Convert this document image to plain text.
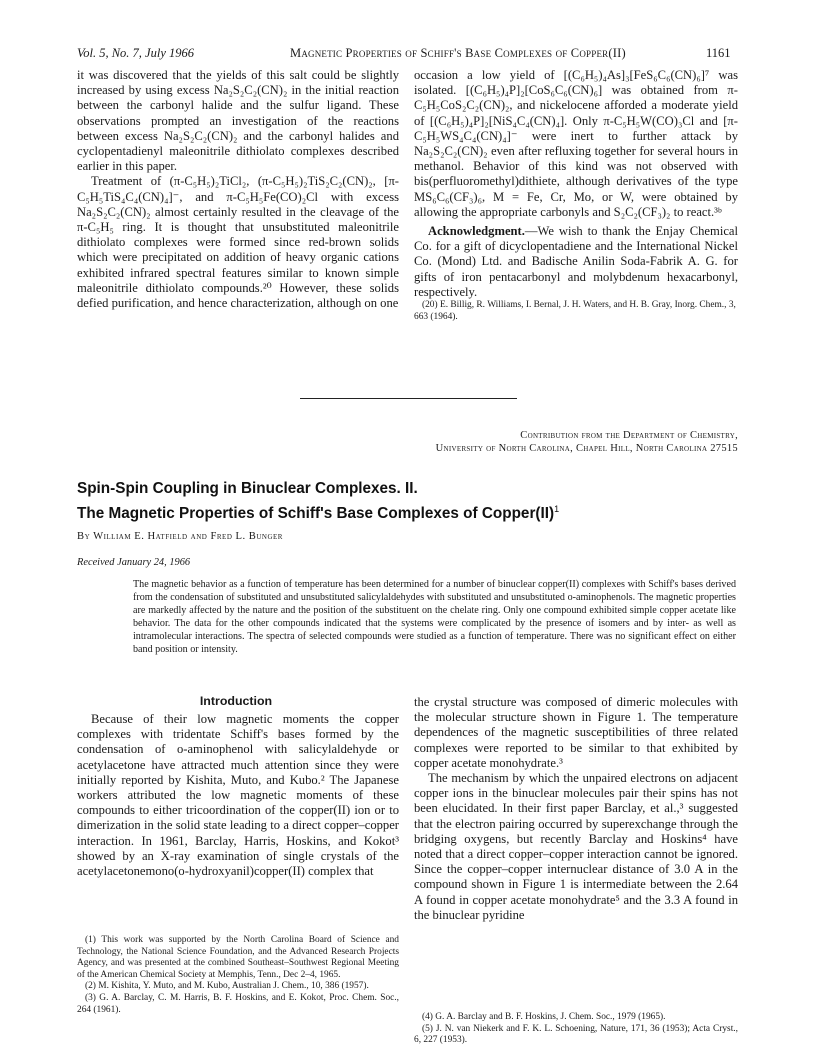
Vol. 5, No. 7, July 1966	Magnetic Properties of Schiff's Base Complexes of Copper(II)	1161

it was discovered that the yields of this salt could be slightly increased by using excess Na₂S₂C₂(CN)₂ in the initial reaction between the carbonyl halide and the sulfur ligand. These observations prompted an investigation of the reactions between excess Na₂S₂C₂(CN)₂ and the carbonyl halides and cyclopentadienyl maleonitrile dithiolato complexes described earlier in this paper.

Treatment of (π-C₅H₅)₂TiCl₂, (π-C₅H₅)₂TiS₂C₂(CN)₂, [π-C₅H₅TiS₄C₄(CN)₄]⁻, and π-C₅H₅Fe(CO)₂Cl with excess Na₂S₂C₂(CN)₂ almost certainly resulted in the cleavage of the π-C₅H₅ ring. It is thought that unsubstituted maleonitrile dithiolato complexes were formed since red-brown solids which were precipitated on addition of heavy organic cations exhibited infrared spectral features similar to known simple maleonitrile dithiolato compounds.²⁰ However, these solids defied purification, and hence characterization, although on one

occasion a low yield of [(C₆H₅)₄As]₃[FeS₆C₆(CN)₆]⁷ was isolated. [(C₆H₅)₄P]₂[CoS₆C₆(CN)₆] was obtained from π-C₅H₅CoS₂C₂(CN)₂, and nickelocene afforded a moderate yield of [(C₆H₅)₄P]₂[NiS₄C₄(CN)₄]. Only π-C₅H₅W(CO)₃Cl and [π-C₅H₅WS₄C₄(CN)₄]⁻ were inert to further attack by Na₂S₂C₂(CN)₂ even after refluxing together for several hours in methanol. Behavior of this kind was not observed with bis(perfluoromethyl)dithiete, although derivatives of the type MS₆C₆(CF₃)₆, M = Fe, Cr, Mo, or W, were obtained by allowing the appropriate carbonyls and S₂C₂(CF₃)₂ to react.³ᵇ

Acknowledgment.—We wish to thank the Enjay Chemical Co. for a gift of dicyclopentadiene and the International Nickel Co. (Mond) Ltd. and Badische Anilin Soda-Fabrik A. G. for gifts of iron pentacarbonyl and molybdenum hexacarbonyl, respectively.

(20) E. Billig, R. Williams, I. Bernal, J. H. Waters, and H. B. Gray, Inorg. Chem., 3, 663 (1964).
Contribution from the Department of Chemistry,
University of North Carolina, Chapel Hill, North Carolina 27515
Spin-Spin Coupling in Binuclear Complexes. II.
The Magnetic Properties of Schiff's Base Complexes of Copper(II)$^1$
By William E. Hatfield and Fred L. Bunger
Received January 24, 1966
The magnetic behavior as a function of temperature has been determined for a number of binuclear copper(II) complexes with Schiff's bases derived from the condensation of substituted and unsubstituted salicylaldehydes with substituted and unsubstituted o-aminophenols. The magnetic properties are markedly affected by the nature and the position of the substituent on the chelate ring. Only one compound exhibited simple copper acetate like behavior. The data for the other compounds indicated that the systems were complicated by the presence of isomers and by inter- as well as intramolecular interactions. The spectra of selected compounds were studied as a function of temperature. There was no significant effect on either band position or intensity.
Introduction

Because of their low magnetic moments the copper complexes with tridentate Schiff's bases formed by the condensation of o-aminophenol with salicylaldehyde or acetylacetone have attracted much attention since they were initially reported by Kishita, Muto, and Kubo.² The Japanese workers attributed the low magnetic moments of these compounds to either tricoordination of the copper(II) ion or to dimerization in the solid state leading to a direct copper–copper interaction. In 1961, Barclay, Harris, Hoskins, and Kokot³ showed by an X-ray examination of single crystals of the acetylacetonemono(o-hydroxyanil)copper(II) complex that

the crystal structure was composed of dimeric molecules with the molecular structure shown in Figure 1. The temperature dependences of the magnetic susceptibilities of three related complexes were reported to be similar to that exhibited by copper acetate monohydrate.³

The mechanism by which the unpaired electrons on adjacent copper ions in the binuclear molecules pair their spins has not been elucidated. In their first paper Barclay, et al.,³ suggested that the electron pairing occurred by superexchange through the bridging oxygens, but recently Barclay and Hoskins⁴ have noted that a direct copper–copper interaction cannot be ignored. Since the copper–copper internuclear distance of 3.0 A in the compound shown in Figure 1 is intermediate between the 2.64 A found in copper acetate monohydrate⁵ and the 3.3 A found in the binuclear pyridine

(1) This work was supported by the North Carolina Board of Science and Technology, the National Science Foundation, and the Advanced Research Projects Agency, and was presented at the combined Southeast–Southwest Regional Meeting of the American Chemical Society at Memphis, Tenn., Dec 2–4, 1965.

(2) M. Kishita, Y. Muto, and M. Kubo, Australian J. Chem., 10, 386 (1957).

(3) G. A. Barclay, C. M. Harris, B. F. Hoskins, and E. Kokot, Proc. Chem. Soc., 264 (1961).

(4) G. A. Barclay and B. F. Hoskins, J. Chem. Soc., 1979 (1965).

(5) J. N. van Niekerk and F. K. L. Schoening, Nature, 171, 36 (1953); Acta Cryst., 6, 227 (1953).
